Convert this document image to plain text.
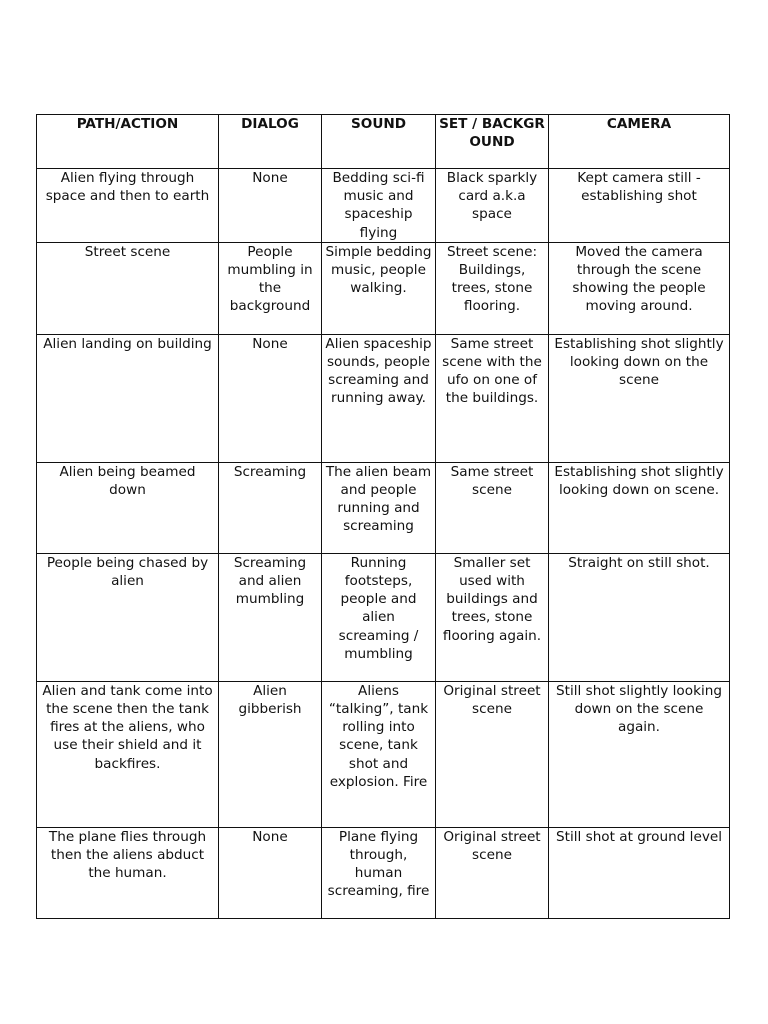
PATH/ACTION	DIALOG	SOUND	SET / BACKGROUND	CAMERA
Alien flying through space and then to earth	None	Bedding sci-fi music and spaceship flying	Black sparkly card a.k.a space	Kept camera still - establishing shot
Street scene	People mumbling in the background	Simple bedding music, people walking.	Street scene: Buildings, trees, stone flooring.	Moved the camera through the scene showing the people moving around.
Alien landing on building	None	Alien spaceship sounds, people screaming and running away.	Same street scene with the ufo on one of the buildings.	Establishing shot slightly looking down on the scene
Alien being beamed down	Screaming	The alien beam and people running and screaming	Same street scene	Establishing shot slightly looking down on scene.
People being chased by alien	Screaming and alien mumbling	Running footsteps, people and alien screaming / mumbling	Smaller set used with buildings and trees, stone flooring again.	Straight on still shot.
Alien and tank come into the scene then the tank fires at the aliens, who use their shield and it backfires.	Alien gibberish	Aliens “talking”, tank rolling into scene, tank shot and explosion. Fire	Original street scene	Still shot slightly looking down on the scene again.
The plane flies through then the aliens abduct the human.	None	Plane flying through, human screaming, fire	Original street scene	Still shot at ground level
